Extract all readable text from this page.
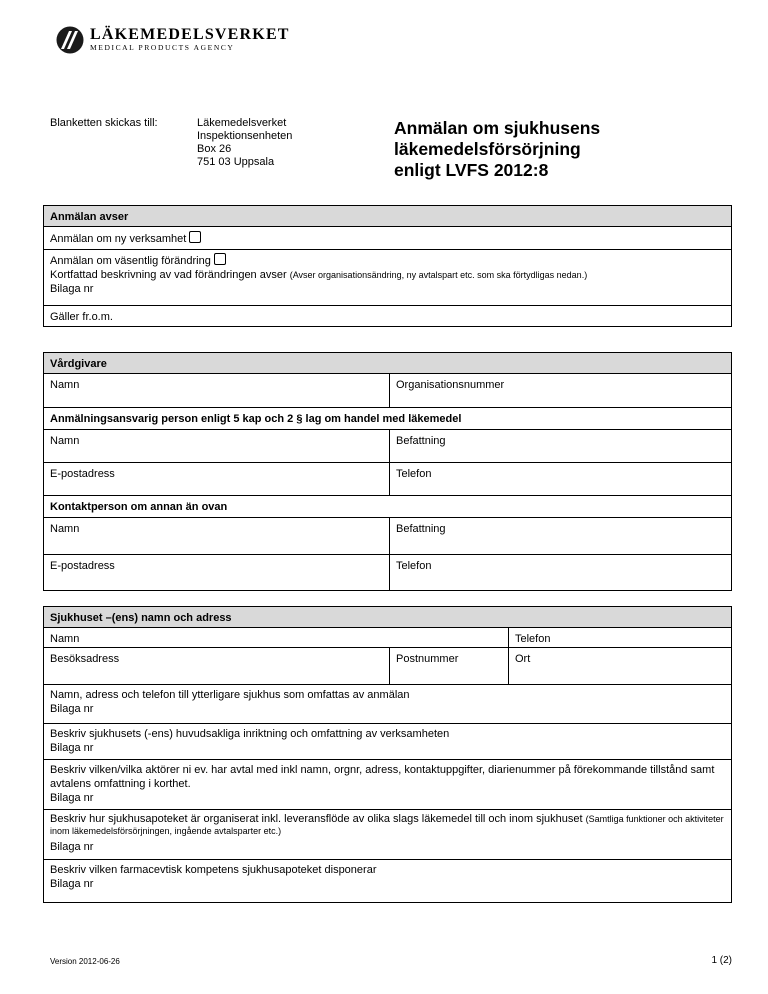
LÄKEMEDELSVERKET
MEDICAL PRODUCTS AGENCY
Blanketten skickas till:	Läkemedelsverket
Inspektionsenheten
Box 26
751 03 Uppsala
Anmälan om sjukhusens
läkemedelsförsörjning
enligt LVFS 2012:8
Anmälan avser
Anmälan om ny verksamhet
Anmälan om väsentlig förändring
Kortfattad beskrivning av vad förändringen avser (Avser organisationsändring, ny avtalspart etc. som ska förtydligas nedan.)
Bilaga nr
Gäller fr.o.m.
Vårdgivare
Namn	Organisationsnummer
Anmälningsansvarig person enligt 5 kap och 2 § lag om handel med läkemedel
Namn	Befattning
E-postadress	Telefon
Kontaktperson om annan än ovan
Namn	Befattning
E-postadress	Telefon
Sjukhuset –(ens) namn och adress
Namn	Telefon
Besöksadress	Postnummer	Ort
Namn, adress och telefon till ytterligare sjukhus som omfattas av anmälan
Bilaga nr
Beskriv sjukhusets (-ens) huvudsakliga inriktning och omfattning av verksamheten
Bilaga nr
Beskriv vilken/vilka aktörer ni ev. har avtal med inkl namn, orgnr, adress, kontaktuppgifter, diarienummer på förekommande tillstånd samt avtalens omfattning i korthet.
Bilaga nr
Beskriv hur sjukhusapoteket är organiserat inkl. leveransflöde av olika slags läkemedel till och inom sjukhuset (Samtliga funktioner och aktiviteter inom läkemedelsförsörjningen, ingående avtalsparter etc.)
Bilaga nr
Beskriv vilken farmacevtisk kompetens sjukhusapoteket disponerar
Bilaga nr
Version 2012-06-26	1 (2)
